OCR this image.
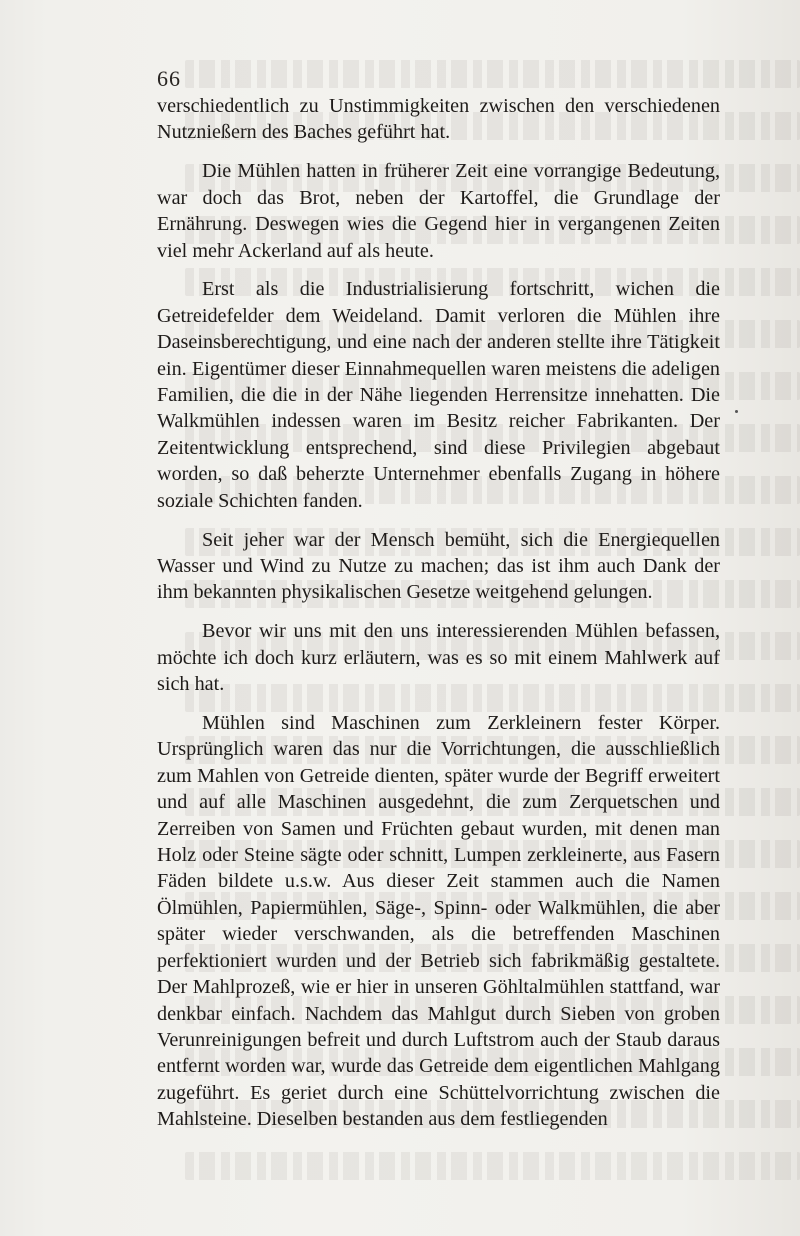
66

verschiedentlich zu Unstimmigkeiten zwischen den verschiedenen Nutznießern des Baches geführt hat.

Die Mühlen hatten in früherer Zeit eine vorrangige Bedeutung, war doch das Brot, neben der Kartoffel, die Grundlage der Ernährung. Deswegen wies die Gegend hier in vergangenen Zeiten viel mehr Ackerland auf als heute.

Erst als die Industrialisierung fortschritt, wichen die Getreidefelder dem Weideland. Damit verloren die Mühlen ihre Daseinsberechtigung, und eine nach der anderen stellte ihre Tätigkeit ein. Eigentümer dieser Einnahmequellen waren meistens die adeligen Familien, die die in der Nähe liegenden Herrensitze innehatten. Die Walkmühlen indessen waren im Besitz reicher Fabrikanten. Der Zeitentwicklung entsprechend, sind diese Privilegien abgebaut worden, so daß beherzte Unternehmer ebenfalls Zugang in höhere soziale Schichten fanden.

Seit jeher war der Mensch bemüht, sich die Energiequellen Wasser und Wind zu Nutze zu machen; das ist ihm auch Dank der ihm bekannten physikalischen Gesetze weitgehend gelungen.

Bevor wir uns mit den uns interessierenden Mühlen befassen, möchte ich doch kurz erläutern, was es so mit einem Mahlwerk auf sich hat.

Mühlen sind Maschinen zum Zerkleinern fester Körper. Ursprünglich waren das nur die Vorrichtungen, die ausschließlich zum Mahlen von Getreide dienten, später wurde der Begriff erweitert und auf alle Maschinen ausgedehnt, die zum Zerquetschen und Zerreiben von Samen und Früchten gebaut wurden, mit denen man Holz oder Steine sägte oder schnitt, Lumpen zerkleinerte, aus Fasern Fäden bildete u.s.w. Aus dieser Zeit stammen auch die Namen Ölmühlen, Papiermühlen, Säge-, Spinn- oder Walkmühlen, die aber später wieder verschwanden, als die betreffenden Maschinen perfektioniert wurden und der Betrieb sich fabrikmäßig gestaltete. Der Mahlprozeß, wie er hier in unseren Göhltalmühlen stattfand, war denkbar einfach. Nachdem das Mahlgut durch Sieben von groben Verunreinigungen befreit und durch Luftstrom auch der Staub daraus entfernt worden war, wurde das Getreide dem eigentlichen Mahlgang zugeführt. Es geriet durch eine Schüttelvorrichtung zwischen die Mahlsteine. Dieselben bestanden aus dem festliegenden
